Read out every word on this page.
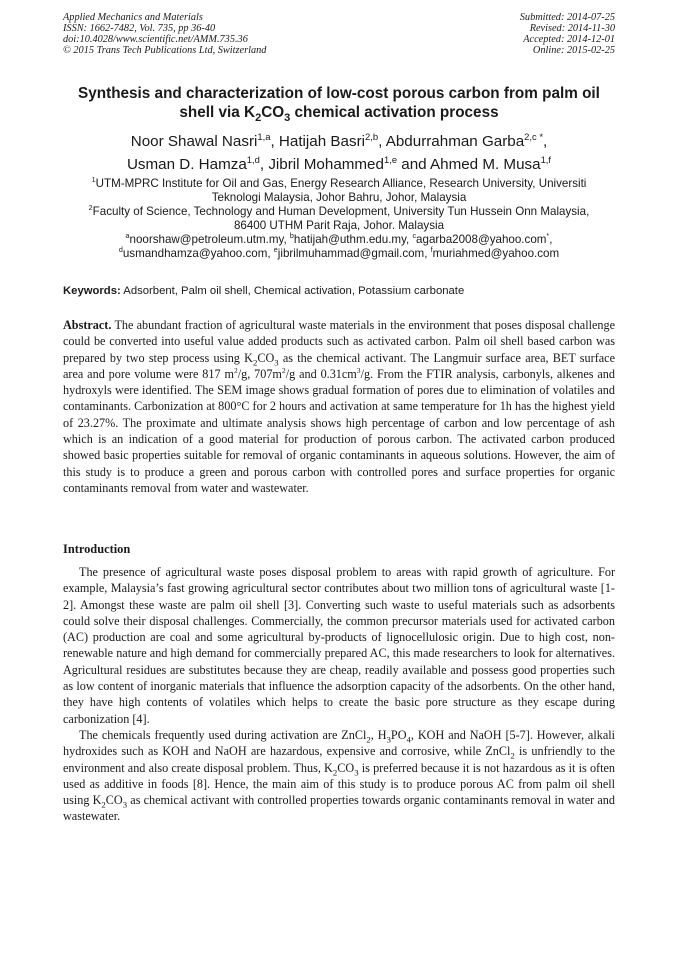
Applied Mechanics and Materials
ISSN: 1662-7482, Vol. 735, pp 36-40
doi:10.4028/www.scientific.net/AMM.735.36
© 2015 Trans Tech Publications Ltd, Switzerland
Submitted: 2014-07-25
Revised: 2014-11-30
Accepted: 2014-12-01
Online: 2015-02-25
Synthesis and characterization of low-cost porous carbon from palm oil
shell via $K_2CO_3$ chemical activation process
Noor Shawal Nasri$^{1,a}$, Hatijah Basri$^{2,b}$, Abdurrahman Garba$^{2,c *}$,
Usman D. Hamza$^{1,d}$, Jibril Mohammed$^{1,e}$ and Ahmed M. Musa$^{1,f}$
$^1$UTM-MPRC Institute for Oil and Gas, Energy Research Alliance, Research University, Universiti
Teknologi Malaysia, Johor Bahru, Johor, Malaysia
$^2$Faculty of Science, Technology and Human Development, University Tun Hussein Onn Malaysia,
86400 UTHM Parit Raja, Johor. Malaysia
$^a$noorshaw@petroleum.utm.my, $^b$hatijah@uthm.edu.my, $^c$agarba2008@yahoo.com*,
$^d$usmandhamza@yahoo.com, $^e$jibrilmuhammad@gmail.com, $^f$muriahmed@yahoo.com
Keywords: Adsorbent, Palm oil shell, Chemical activation, Potassium carbonate

Abstract. The abundant fraction of agricultural waste materials in the environment that poses disposal challenge could be converted into useful value added products such as activated carbon. Palm oil shell based carbon was prepared by two step process using $K_2CO_3$ as the chemical activant. The Langmuir surface area, BET surface area and pore volume were 817 $m^2/g$, $707m^2/g$ and $0.31cm^3/g$. From the FTIR analysis, carbonyls, alkenes and hydroxyls were identified. The SEM image shows gradual formation of pores due to elimination of volatiles and contaminants. Carbonization at 800°C for 2 hours and activation at same temperature for 1h has the highest yield of 23.27%. The proximate and ultimate analysis shows high percentage of carbon and low percentage of ash which is an indication of a good material for production of porous carbon. The activated carbon produced showed basic properties suitable for removal of organic contaminants in aqueous solutions. However, the aim of this study is to produce a green and porous carbon with controlled pores and surface properties for organic contaminants removal from water and wastewater.

Introduction

The presence of agricultural waste poses disposal problem to areas with rapid growth of agriculture. For example, Malaysia’s fast growing agricultural sector contributes about two million tons of agricultural waste [1-2]. Amongst these waste are palm oil shell [3]. Converting such waste to useful materials such as adsorbents could solve their disposal challenges. Commercially, the common precursor materials used for activated carbon (AC) production are coal and some agricultural by-products of lignocellulosic origin. Due to high cost, non-renewable nature and high demand for commercially prepared AC, this made researchers to look for alternatives. Agricultural residues are substitutes because they are cheap, readily available and possess good properties such as low content of inorganic materials that influence the adsorption capacity of the adsorbents. On the other hand, they have high contents of volatiles which helps to create the basic pore structure as they escape during carbonization [4].

The chemicals frequently used during activation are ZnCl$_2$, $H_3PO_4$, KOH and NaOH [5-7]. However, alkali hydroxides such as KOH and NaOH are hazardous, expensive and corrosive, while ZnCl$_2$ is unfriendly to the environment and also create disposal problem. Thus, $K_2CO_3$ is preferred because it is not hazardous as it is often used as additive in foods [8]. Hence, the main aim of this study is to produce porous AC from palm oil shell using $K_2CO_3$ as chemical activant with controlled properties towards organic contaminants removal in water and wastewater.
